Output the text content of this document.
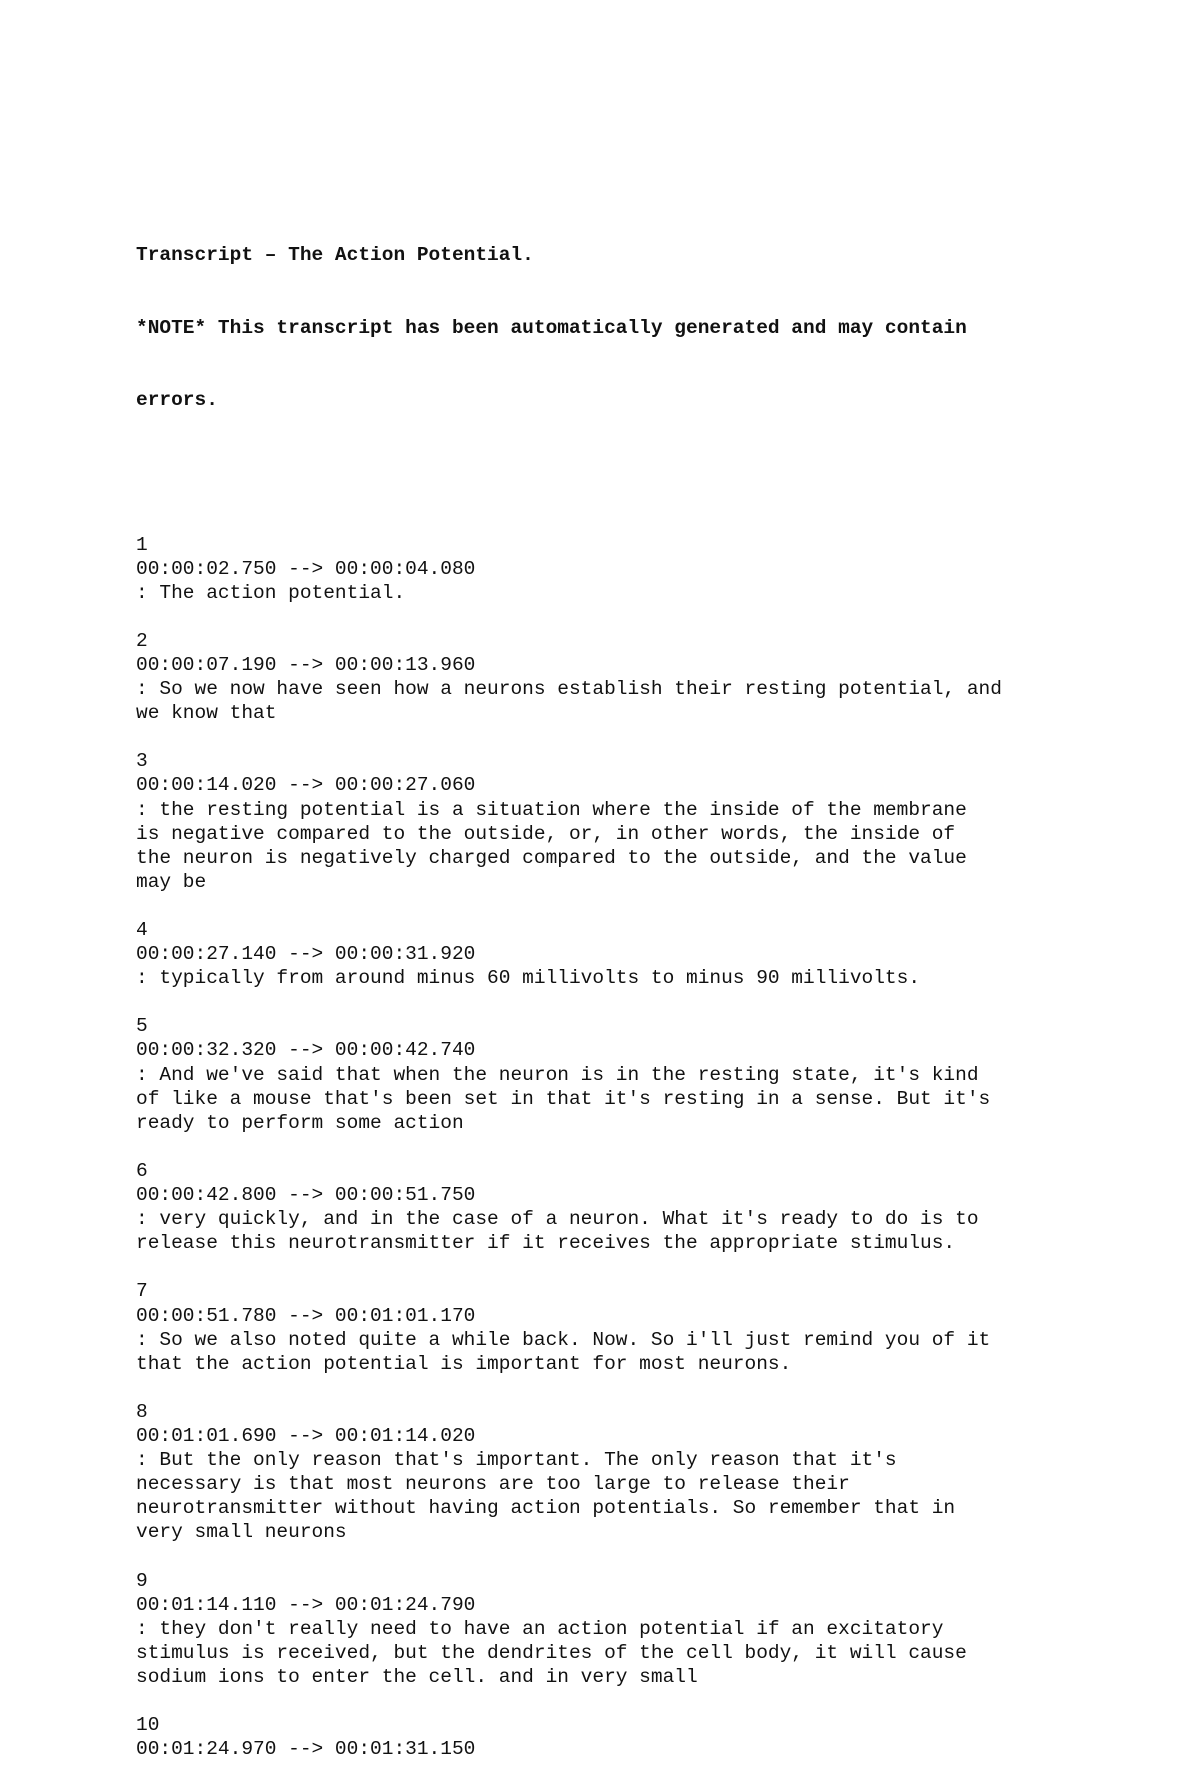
Transcript – The Action Potential.

*NOTE* This transcript has been automatically generated and may contain

errors.

1
00:00:02.750 --> 00:00:04.080
: The action potential.
2
00:00:07.190 --> 00:00:13.960
: So we now have seen how a neurons establish their resting potential, and
we know that
3
00:00:14.020 --> 00:00:27.060
: the resting potential is a situation where the inside of the membrane
is negative compared to the outside, or, in other words, the inside of
the neuron is negatively charged compared to the outside, and the value
may be
4
00:00:27.140 --> 00:00:31.920
: typically from around minus 60 millivolts to minus 90 millivolts.
5
00:00:32.320 --> 00:00:42.740
: And we've said that when the neuron is in the resting state, it's kind
of like a mouse that's been set in that it's resting in a sense. But it's
ready to perform some action
6
00:00:42.800 --> 00:00:51.750
: very quickly, and in the case of a neuron. What it's ready to do is to
release this neurotransmitter if it receives the appropriate stimulus.
7
00:00:51.780 --> 00:01:01.170
: So we also noted quite a while back. Now. So i'll just remind you of it
that the action potential is important for most neurons.
8
00:01:01.690 --> 00:01:14.020
: But the only reason that's important. The only reason that it's
necessary is that most neurons are too large to release their
neurotransmitter without having action potentials. So remember that in
very small neurons
9
00:01:14.110 --> 00:01:24.790
: they don't really need to have an action potential if an excitatory
stimulus is received, but the dendrites of the cell body, it will cause
sodium ions to enter the cell. and in very small
10
00:01:24.970 --> 00:01:31.150
